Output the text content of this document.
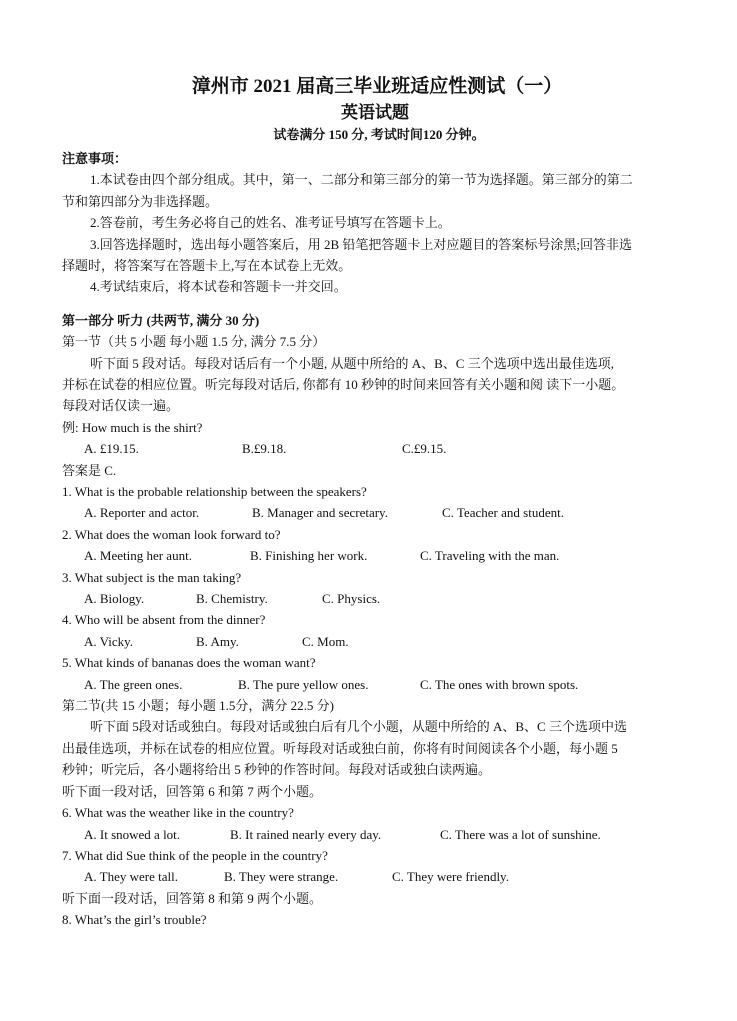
漳州市 2021 届高三毕业班适应性测试（一）
英语试题
试卷满分 150 分, 考试时间120 分钟。
注意事项：
1.本试卷由四个部分组成。其中，第一、二部分和第三部分的第一节为选择题。第三部分的第二
节和第四部分为非选择题。
2.答卷前，考生务必将自己的姓名、准考证号填写在答题卡上。
3.回答选择题时，选出每小题答案后，用 2B 铅笔把答题卡上对应题目的答案标号涂黑;回答非选
择题时，将答案写在答题卡上,写在本试卷上无效。
4.考试结束后，将本试卷和答题卡一并交回。
第一部分 听力 (共两节, 满分 30 分)
第一节（共 5 小题 每小题 1.5 分, 满分 7.5 分）
听下面 5 段对话。每段对话后有一个小题, 从题中所给的 A、B、C 三个选项中选出最佳选项,
并标在试卷的相应位置。听完每段对话后, 你都有 10 秒钟的时间来回答有关小题和阅 读下一小题。
每段对话仅读一遍。
例: How much is the shirt?
A. £19.15.	B.£9.18.	C.£9.15.
答案是 C.
1. What is the probable relationship between the speakers?
A. Reporter and actor.	B. Manager and secretary.	C. Teacher and student.
2. What does the woman look forward to?
A. Meeting her aunt.	B. Finishing her work.	C. Traveling with the man.
3. What subject is the man taking?
A. Biology.	B. Chemistry.	C. Physics.
4. Who will be absent from the dinner?
A. Vicky.	B. Amy.	C. Mom.
5. What kinds of bananas does the woman want?
A. The green ones.	B. The pure yellow ones.	C. The ones with brown spots.
第二节(共 15 小题；每小题 1.5分，满分 22.5 分)
听下面 5段对话或独白。每段对话或独白后有几个小题，从题中所给的 A、B、C 三个选项中选
出最佳选项，并标在试卷的相应位置。听每段对话或独白前，你将有时间阅读各个小题，每小题 5
秒钟；听完后，各小题将给出 5 秒钟的作答时间。每段对话或独白读两遍。
听下面一段对话，回答第 6 和第 7 两个小题。
6. What was the weather like in the country?
A. It snowed a lot.	B. It rained nearly every day.	C. There was a lot of sunshine.
7. What did Sue think of the people in the country?
A. They were tall.	B. They were strange.	C. They were friendly.
听下面一段对话，回答第 8 和第 9 两个小题。
8. What’s the girl’s trouble?
